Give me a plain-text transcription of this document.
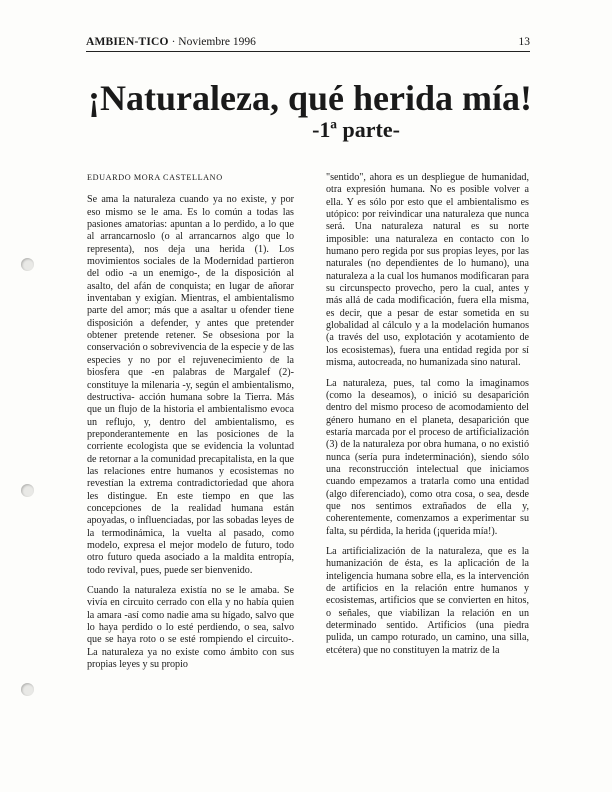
AMBIEN-TICO · Noviembre 1996	13
¡Naturaleza, qué herida mía!
-1ª parte-
EDUARDO MORA CASTELLANO

Se ama la naturaleza cuando ya no existe, y por eso mismo se le ama. Es lo común a todas las pasiones amatorias: apuntan a lo perdido, a lo que al arrancarnoslo (o al arrancarnos algo que lo representa), nos deja una herida (1). Los movimientos sociales de la Modernidad partieron del odio -a un enemigo-, de la disposición al asalto, del afán de conquista; en lugar de añorar inventaban y exigían. Mientras, el ambientalismo parte del amor; más que a asaltar u ofender tiene disposición a defender, y antes que pretender obtener pretende retener. Se obsesiona por la conservación o sobrevivencia de la especie y de las especies y no por el rejuvenecimiento de la biosfera que -en palabras de Margalef (2)- constituye la milenaria -y, según el ambientalismo, destructiva- acción humana sobre la Tierra. Más que un flujo de la historia el ambientalismo evoca un reflujo, y, dentro del ambientalismo, es preponderantemente en las posiciones de la corriente ecologista que se evidencia la voluntad de retornar a la comunidad precapitalista, en la que las relaciones entre humanos y ecosistemas no revestían la extrema contradictoriedad que ahora les distingue. En este tiempo en que las concepciones de la realidad humana están apoyadas, o influenciadas, por las sobadas leyes de la termodinámica, la vuelta al pasado, como modelo, expresa el mejor modelo de futuro, todo otro futuro queda asociado a la maldita entropía, todo revival, pues, puede ser bienvenido.

Cuando la naturaleza existía no se le amaba. Se vivía en circuito cerrado con ella y no había quien la amara -así como nadie ama su hígado, salvo que lo haya perdido o lo esté perdiendo, o sea, salvo que se haya roto o se esté rompiendo el circuito-. La naturaleza ya no existe como ámbito con sus propias leyes y su propio

"sentido", ahora es un despliegue de humanidad, otra expresión humana. No es posible volver a ella. Y es sólo por esto que el ambientalismo es utópico: por reivindicar una naturaleza que nunca será. Una naturaleza natural es su norte imposible: una naturaleza en contacto con lo humano pero regida por sus propias leyes, por las naturales (no dependientes de lo humano), una naturaleza a la cual los humanos modificaran para su circunspecto provecho, pero la cual, antes y más allá de cada modificación, fuera ella misma, es decir, que a pesar de estar sometida en su globalidad al cálculo y a la modelación humanos (a través del uso, explotación y acotamiento de los ecosistemas), fuera una entidad regida por sí misma, autocreada, no humanizada sino natural.

La naturaleza, pues, tal como la imaginamos (como la deseamos), o inició su desaparición dentro del mismo proceso de acomodamiento del género humano en el planeta, desaparición que estaría marcada por el proceso de artificialización (3) de la naturaleza por obra humana, o no existió nunca (sería pura indeterminación), siendo sólo una reconstrucción intelectual que iniciamos cuando empezamos a tratarla como una entidad (algo diferenciado), como otra cosa, o sea, desde que nos sentimos extrañados de ella y, coherentemente, comenzamos a experimentar su falta, su pérdida, la herida (¡querida mía!).

La artificialización de la naturaleza, que es la humanización de ésta, es la aplicación de la inteligencia humana sobre ella, es la intervención de artificios en la relación entre humanos y ecosistemas, artificios que se convierten en hitos, o señales, que viabilizan la relación en un determinado sentido. Artificios (una piedra pulida, un campo roturado, un camino, una silla, etcétera) que no constituyen la matriz de la
